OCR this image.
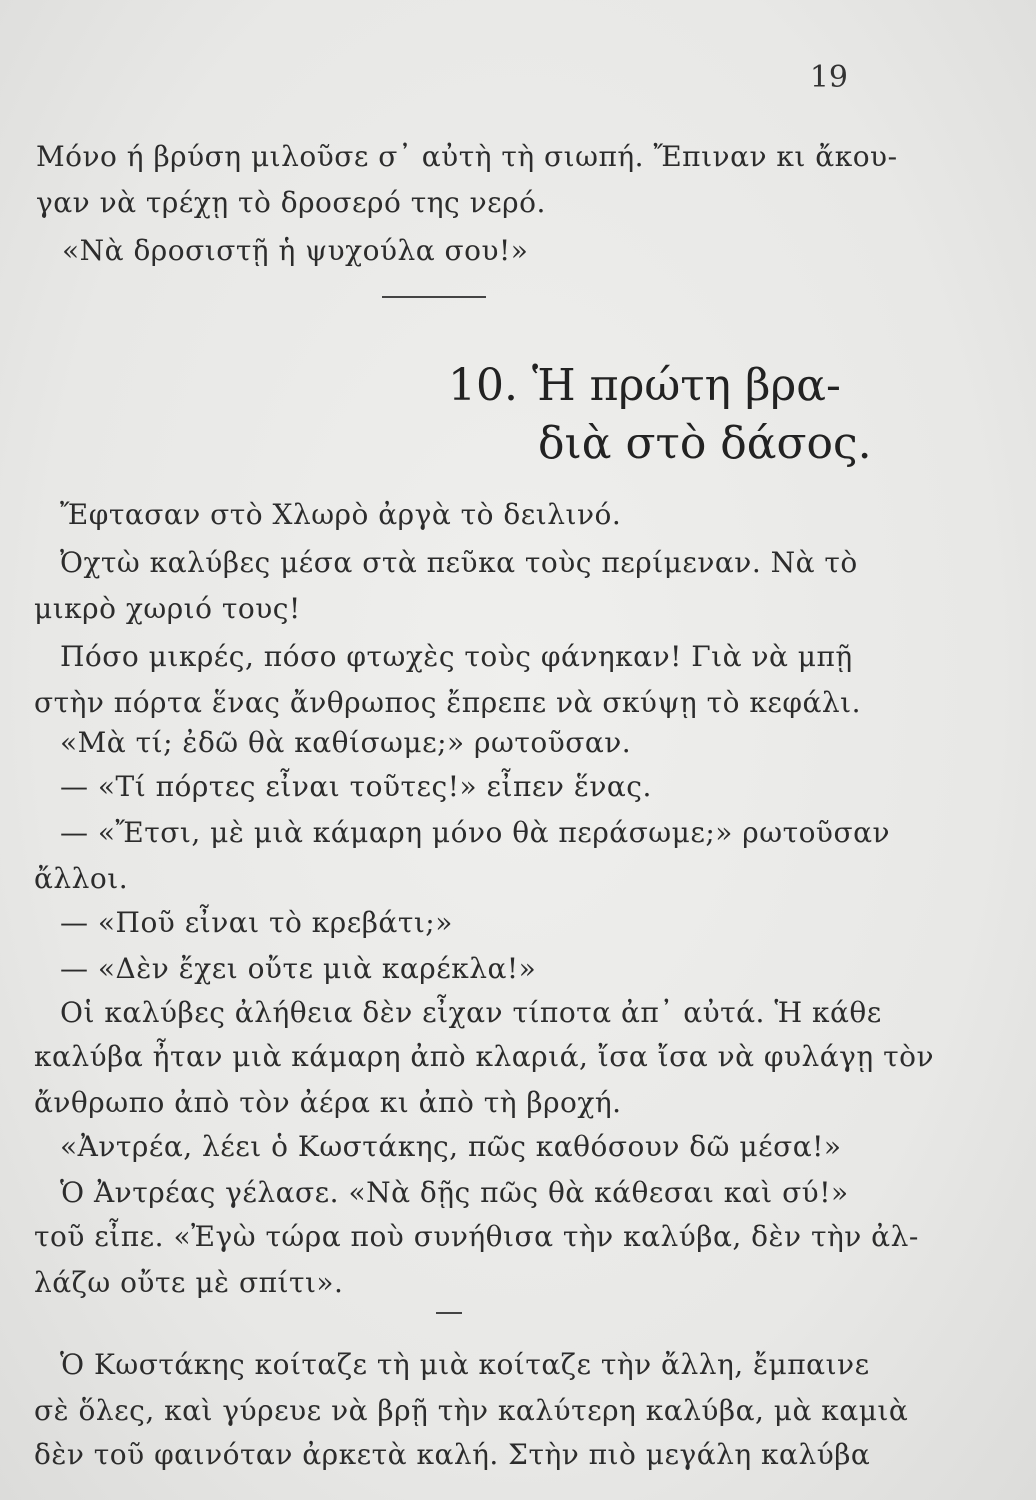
19
Μόνο ή βρύση μιλοῦσε σ᾽ αὐτὴ τὴ σιωπή. Ἔπιναν κι ἄκου-
γαν νὰ τρέχῃ τὸ δροσερό της νερό.
«Νὰ δροσιστῇ ἡ ψυχούλα σου!»
10. Ἡ πρώτη βρα-
διὰ στὸ δάσος.
Ἔφτασαν στὸ Χλωρὸ ἀργὰ τὸ δειλινό.
Ὀχτὼ καλύβες μέσα στὰ πεῦκα τοὺς περίμεναν. Νὰ τὸ
μικρὸ χωριό τους!
Πόσο μικρές, πόσο φτωχὲς τοὺς φάνηκαν! Γιὰ νὰ μπῇ
στὴν πόρτα ἕνας ἄνθρωπος ἔπρεπε νὰ σκύψῃ τὸ κεφάλι.
«Μὰ τί; ἐδῶ θὰ καθίσωμε;» ρωτοῦσαν.
— «Τί πόρτες εἶναι τοῦτες!» εἶπεν ἕνας.
— «Ἔτσι, μὲ μιὰ κάμαρη μόνο θὰ περάσωμε;» ρωτοῦσαν
ἄλλοι.
— «Ποῦ εἶναι τὸ κρεβάτι;»
— «Δὲν ἔχει οὔτε μιὰ καρέκλα!»
Οἱ καλύβες ἀλήθεια δὲν εἶχαν τίποτα ἀπ᾽ αὐτά. Ἡ κάθε
καλύβα ἦταν μιὰ κάμαρη ἀπὸ κλαριά, ἴσα ἴσα νὰ φυλάγῃ τὸν
ἄνθρωπο ἀπὸ τὸν ἀέρα κι ἀπὸ τὴ βροχή.
«Ἀντρέα, λέει ὁ Κωστάκης, πῶς καθόσουν δῶ μέσα!»
Ὁ Ἀντρέας γέλασε. «Νὰ δῇς πῶς θὰ κάθεσαι καὶ σύ!»
τοῦ εἶπε. «Ἐγὼ τώρα ποὺ συνήθισα τὴν καλύβα, δὲν τὴν ἀλ-
λάζω οὔτε μὲ σπίτι».
Ὁ Κωστάκης κοίταζε τὴ μιὰ κοίταζε τὴν ἄλλη, ἔμπαινε
σὲ ὅλες, καὶ γύρευε νὰ βρῇ τὴν καλύτερη καλύβα, μὰ καμιὰ
δὲν τοῦ φαινόταν ἀρκετὰ καλή. Στὴν πιὸ μεγάλη καλύβα
